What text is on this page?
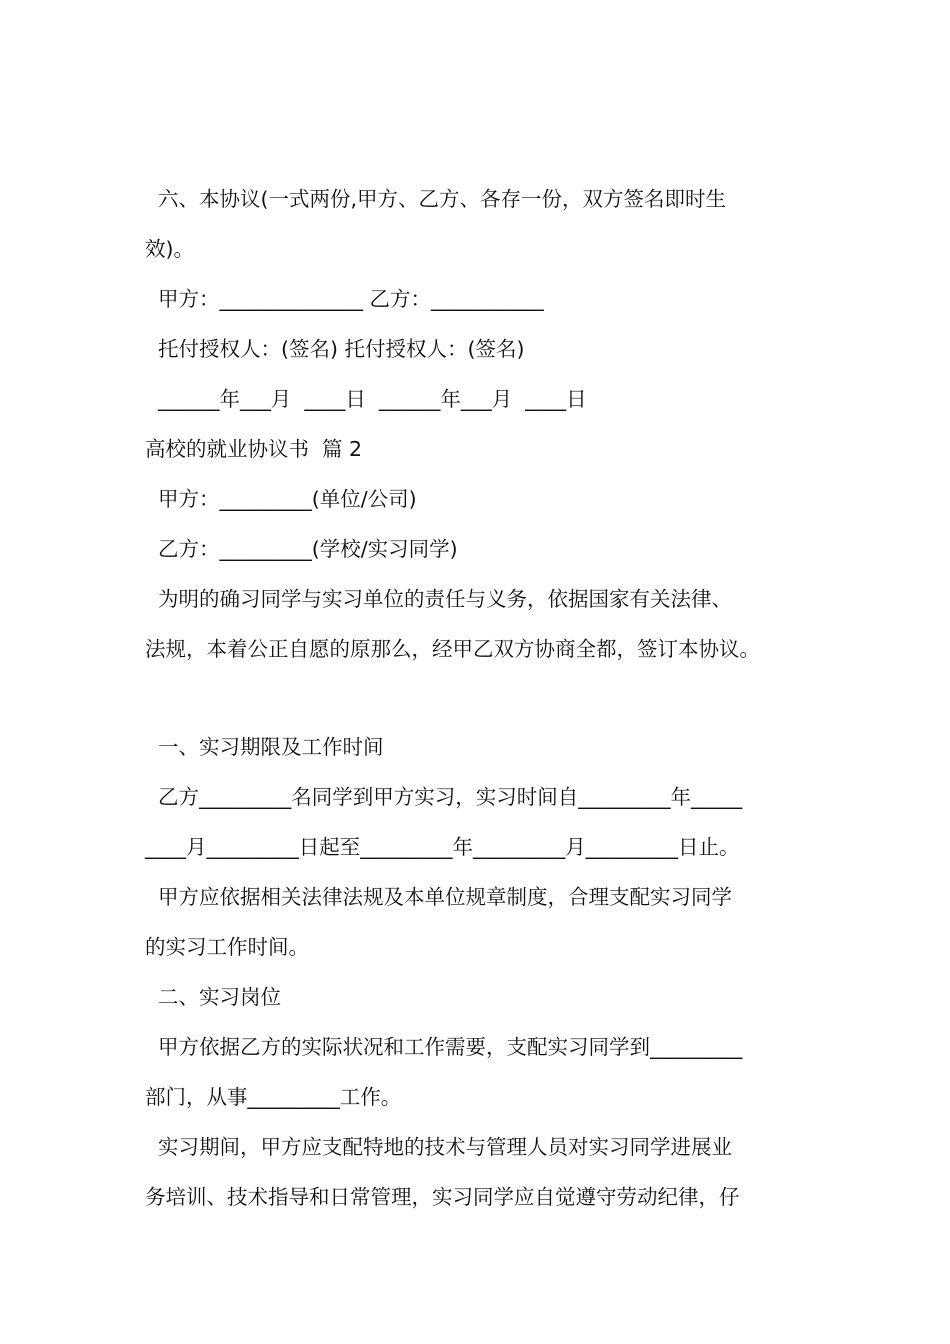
六、本协议(一式两份,甲方、乙方、各存一份，双方签名即时生

效)。

甲方：______________ 乙方：___________

托付授权人：(签名) 托付授权人：(签名)

______年___月  ____日  ______年___月  ____日

高校的就业协议书  篇 2

甲方：_________(单位/公司)

乙方：_________(学校/实习同学)

为明的确习同学与实习单位的责任与义务，依据国家有关法律、

法规，本着公正自愿的原那么，经甲乙双方协商全都，签订本协议。

一、实习期限及工作时间

乙方_________名同学到甲方实习，实习时间自_________年_____

____月_________日起至_________年_________月_________日止。

甲方应依据相关法律法规及本单位规章制度，合理支配实习同学

的实习工作时间。

二、实习岗位

甲方依据乙方的实际状况和工作需要，支配实习同学到_________

部门，从事_________工作。

实习期间，甲方应支配特地的技术与管理人员对实习同学进展业

务培训、技术指导和日常管理，实习同学应自觉遵守劳动纪律，仔
